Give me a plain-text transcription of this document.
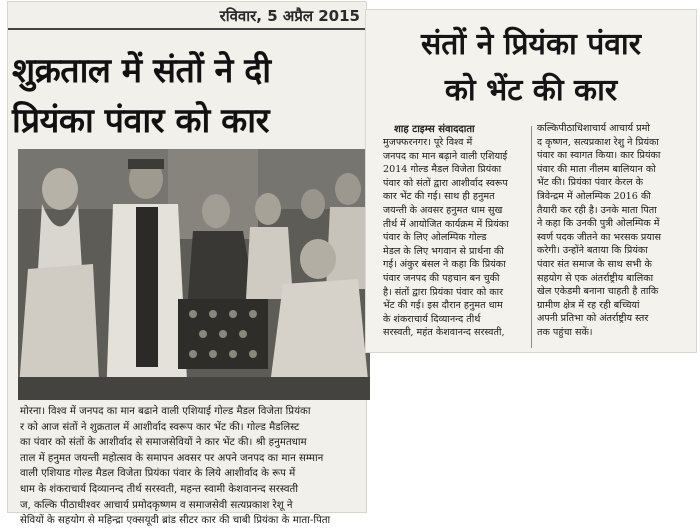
रविवार, 5 अप्रैल 2015
शुक्रताल में संतों ने दी
प्रियंका पंवार को कार

मोरना। विश्व में जनपद का मान बढाने वाली एशियाई गोल्ड मैडल विजेता प्रियंका

र को आज संतों ने शुक्रताल में आशीर्वाद स्वरूप कार भेंट की। गोल्ड मैडलिस्ट

का पंवार को संतों के आशीर्वाद से समाजसेवियों ने कार भेंट की। श्री हनुमतधाम

ताल में हनुमत जयन्ती महोत्सव के समापन अवसर पर अपने जनपद का मान सम्मान

वाली एशियाड गोल्ड मैडल विजेता प्रियंका पंवार के लिये आशीर्वाद के रूप में

धाम के शंकराचार्य दिव्यानन्द तीर्थ सरस्वती, महन्त स्वामी केशवानन्द सरस्वती

ज, कल्कि पीठाधीश्वर आचार्य प्रमोदकृष्णम व समाजसेवी सत्यप्रकाश रेशू ने

सेवियों के सहयोग से महिन्द्रा एक्सयूवी ब्रांड सीटर कार की चाबी प्रियंका के माता-पिता

संतों ने प्रियंका पंवार
को भेंट की कार
शाह टाइम्स संवाददाता

मुजफ्फरनगर। पूरे विश्व में

जनपद का मान बढ़ाने वाली एशियाई

2014 गोल्ड मैडल विजेता प्रियंका

पंवार को संतों द्वारा आशीर्वाद स्वरूप

कार भेंट की गई। साथ ही हनुमत

जयन्ती के अवसर हनुमत धाम सुख

तीर्थ में आयोजित कार्यक्रम में प्रियंका

पंवार के लिए ओलम्पिक गोल्ड

मेडल के लिए भगवान से प्रार्थना की

गई। अंकुर बंसल ने कहा कि प्रियंका

पंवार जनपद की पहचान बन चुकी

है। संतों द्वारा प्रियंका पंवार को कार

भेंट की गई। इस दौरान हनुमत धाम

के शंकराचार्य दिव्यानन्द तीर्थ

सरस्वती, महंत केशवानन्द सरस्वती,

कल्किपीठाधिशाचार्य आचार्य प्रमो

द कृष्णन, सत्यप्रकाश रेशु ने प्रियंका

पंवार का स्वागत किया। कार प्रियंका

पंवार की माता नीलम बालियान को

भेंट की। प्रियंका पंवार केरल के

त्रिवेन्द्रम में ओलम्पिक 2016 की

तैयारी कर रही है। उनके माता पिता

ने कहा कि उनकी पुत्री ओलम्पिक में

स्वर्ण पदक जीतने का भरसक प्रयास

करेगी। उन्होंने बताया कि प्रियंका

पंवार संत समाज के साथ सभी के

सहयोग से एक अंतर्राष्ट्रीय बालिका

खेल एकेडमी बनाना चाहती है ताकि

ग्रामीण क्षेत्र में रह रही बच्चियां

अपनी प्रतिभा को अंतर्राष्ट्रीय स्तर

तक पहुंचा सकें।
